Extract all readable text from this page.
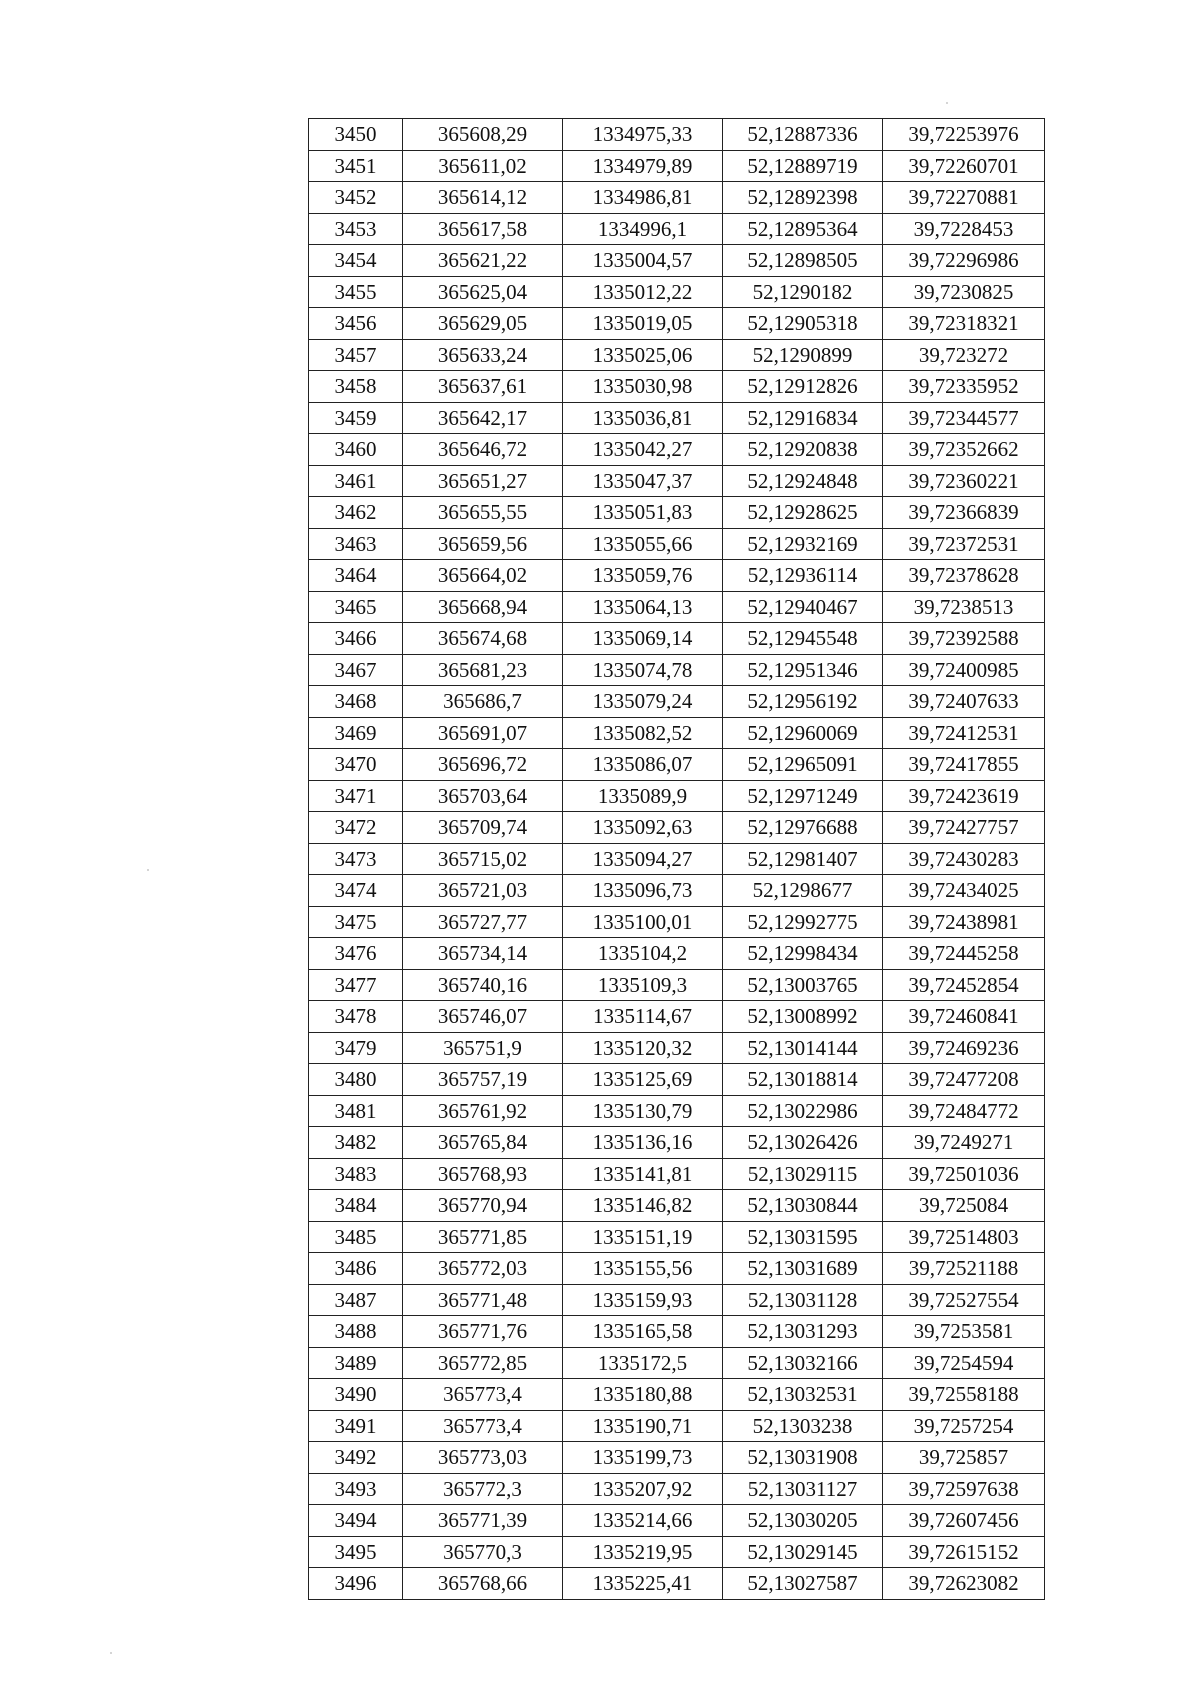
3450	365608,29	1334975,33	52,12887336	39,72253976
3451	365611,02	1334979,89	52,12889719	39,72260701
3452	365614,12	1334986,81	52,12892398	39,72270881
3453	365617,58	1334996,1	52,12895364	39,7228453
3454	365621,22	1335004,57	52,12898505	39,72296986
3455	365625,04	1335012,22	52,1290182	39,7230825
3456	365629,05	1335019,05	52,12905318	39,72318321
3457	365633,24	1335025,06	52,1290899	39,723272
3458	365637,61	1335030,98	52,12912826	39,72335952
3459	365642,17	1335036,81	52,12916834	39,72344577
3460	365646,72	1335042,27	52,12920838	39,72352662
3461	365651,27	1335047,37	52,12924848	39,72360221
3462	365655,55	1335051,83	52,12928625	39,72366839
3463	365659,56	1335055,66	52,12932169	39,72372531
3464	365664,02	1335059,76	52,12936114	39,72378628
3465	365668,94	1335064,13	52,12940467	39,7238513
3466	365674,68	1335069,14	52,12945548	39,72392588
3467	365681,23	1335074,78	52,12951346	39,72400985
3468	365686,7	1335079,24	52,12956192	39,72407633
3469	365691,07	1335082,52	52,12960069	39,72412531
3470	365696,72	1335086,07	52,12965091	39,72417855
3471	365703,64	1335089,9	52,12971249	39,72423619
3472	365709,74	1335092,63	52,12976688	39,72427757
3473	365715,02	1335094,27	52,12981407	39,72430283
3474	365721,03	1335096,73	52,1298677	39,72434025
3475	365727,77	1335100,01	52,12992775	39,72438981
3476	365734,14	1335104,2	52,12998434	39,72445258
3477	365740,16	1335109,3	52,13003765	39,72452854
3478	365746,07	1335114,67	52,13008992	39,72460841
3479	365751,9	1335120,32	52,13014144	39,72469236
3480	365757,19	1335125,69	52,13018814	39,72477208
3481	365761,92	1335130,79	52,13022986	39,72484772
3482	365765,84	1335136,16	52,13026426	39,7249271
3483	365768,93	1335141,81	52,13029115	39,72501036
3484	365770,94	1335146,82	52,13030844	39,725084
3485	365771,85	1335151,19	52,13031595	39,72514803
3486	365772,03	1335155,56	52,13031689	39,72521188
3487	365771,48	1335159,93	52,13031128	39,72527554
3488	365771,76	1335165,58	52,13031293	39,7253581
3489	365772,85	1335172,5	52,13032166	39,7254594
3490	365773,4	1335180,88	52,13032531	39,72558188
3491	365773,4	1335190,71	52,1303238	39,7257254
3492	365773,03	1335199,73	52,13031908	39,725857
3493	365772,3	1335207,92	52,13031127	39,72597638
3494	365771,39	1335214,66	52,13030205	39,72607456
3495	365770,3	1335219,95	52,13029145	39,72615152
3496	365768,66	1335225,41	52,13027587	39,72623082
